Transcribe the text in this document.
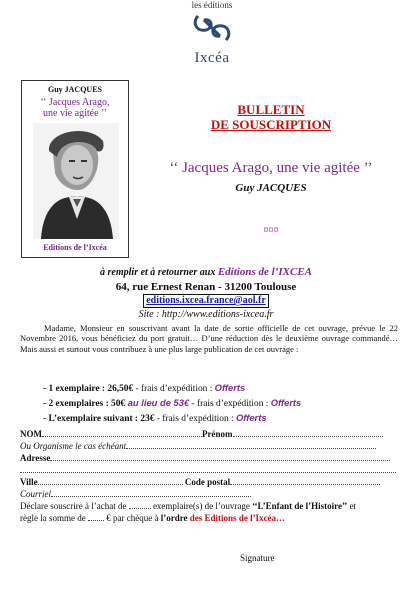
les éditions
Ixcéa
Guy JACQUES
‘‘ Jacques Arago,
une vie agitée ’’
Editions de l’Ixcéa
BULLETIN
DE SOUSCRIPTION
‘‘ Jacques Arago, une vie agitée ’’
Guy JACQUES
¤¤¤
à remplir et à retourner aux Editions de l’IXCEA
64, rue Ernest Renan - 31200 Toulouse
editions.ixcea.france@aol.fr
Site : http://www.editions-ixcea.fr
Madame, Monsieur en souscrivant avant la date de sortie officielle de cet ouvrage, prévue le 22 Novembre 2016, vous bénéficiez du port gratuit… D’une réduction dès le deuxième ouvrage commandé… Mais aussi et surtout vous contribuez à une plus large publication de cet ouvrage :
- 1 exemplaire : 26,50€ - frais d’expédition : Offerts
- 2 exemplaires : 50€ au lieu de 53€ - frais d’expédition : Offerts
- L’exemplaire suivant : 23€ - frais d’expédition : Offerts
NOM	Prénom
Ou Organisme le cas échéant
Adresse
Ville	Code postal
Courriel
Déclare souscrire à l’achat de	exemplaire(s) de l’ouvrage ‘‘L’Enfant de l’Histoire’’ et
règle la somme de € par chèque à l’ordre des Editions de l’Ixcéa…
Signature
